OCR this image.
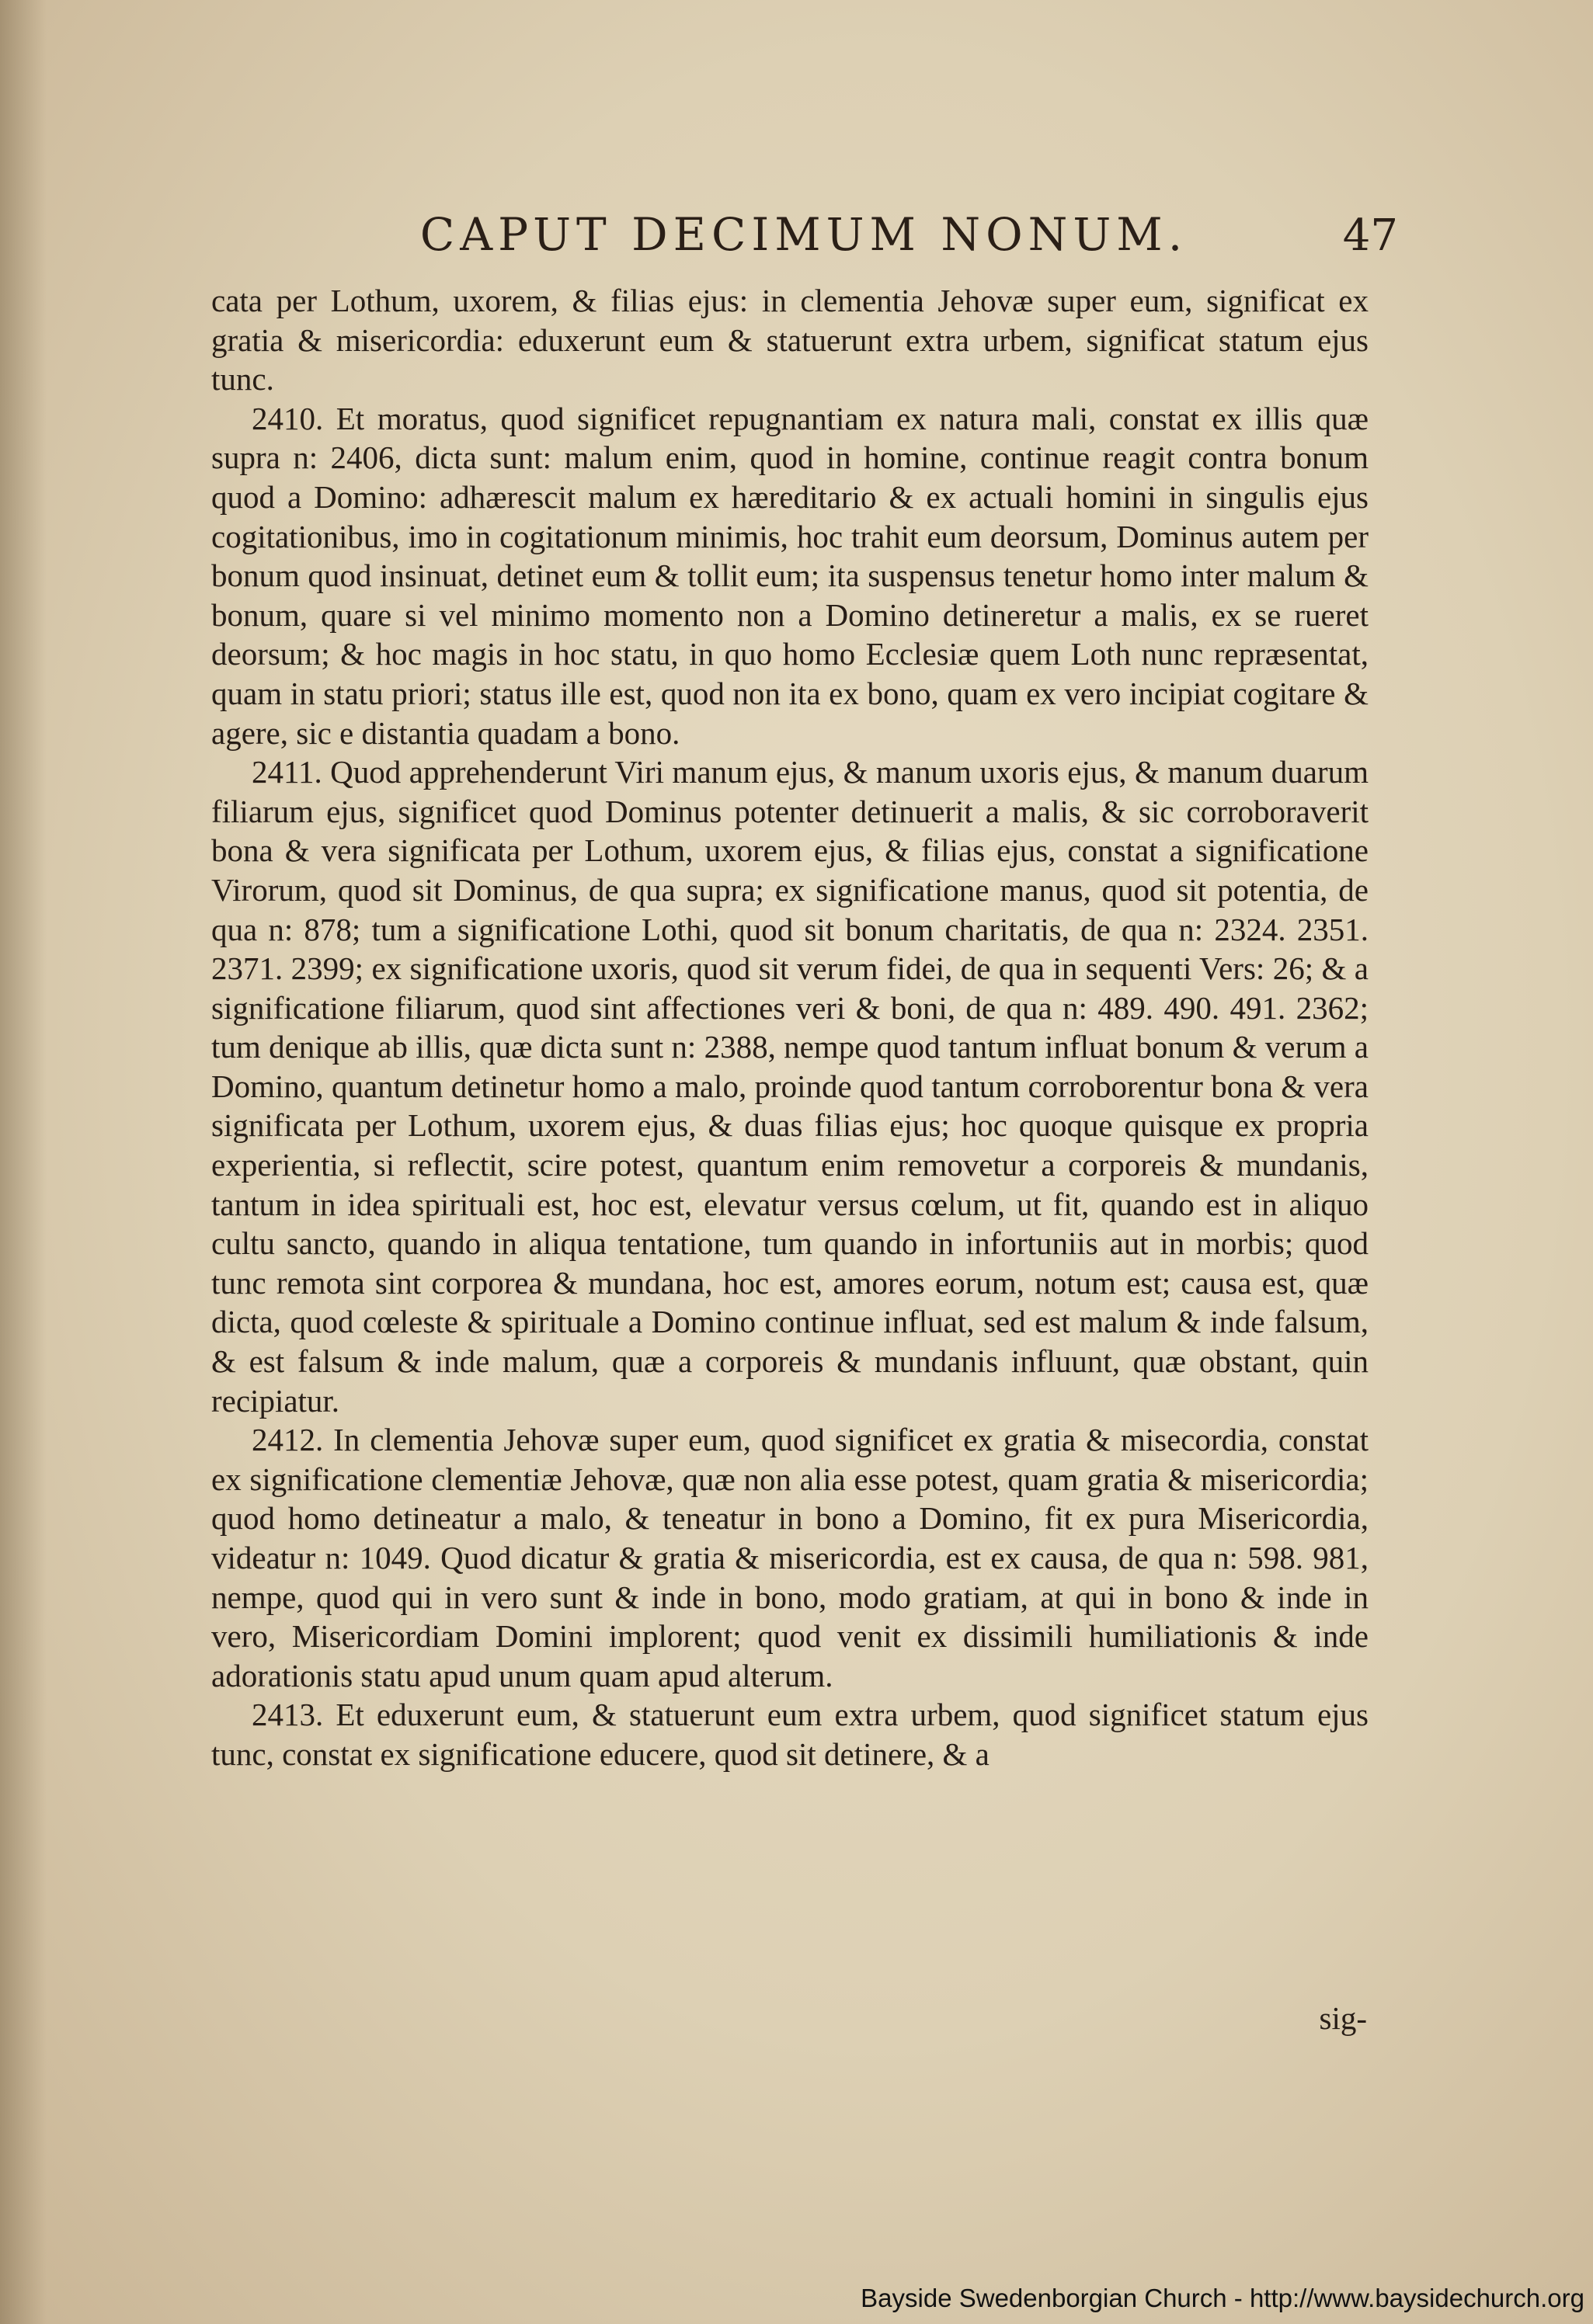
CAPUT DECIMUM NONUM.	47

cata per Lothum, uxorem, & filias ejus: in clementia Jehovæ super eum, significat ex gratia & misericordia: eduxerunt eum & statuerunt extra urbem, significat statum ejus tunc.

2410. Et moratus, quod significet repugnantiam ex natura mali, constat ex illis quæ supra n: 2406, dicta sunt: malum enim, quod in homine, continue reagit contra bonum quod a Domino: adhærescit malum ex hæreditario & ex actuali homini in singulis ejus cogitationibus, imo in cogitationum minimis, hoc trahit eum deorsum, Dominus autem per bonum quod insinuat, detinet eum & tollit eum; ita suspensus tenetur homo inter malum & bonum, quare si vel minimo momento non a Domino detineretur a malis, ex se rueret deorsum; & hoc magis in hoc statu, in quo homo Ecclesiæ quem Loth nunc repræsentat, quam in statu priori; status ille est, quod non ita ex bono, quam ex vero incipiat cogitare & agere, sic e distantia quadam a bono.

2411. Quod apprehenderunt Viri manum ejus, & manum uxoris ejus, & manum duarum filiarum ejus, significet quod Dominus potenter detinuerit a malis, & sic corroboraverit bona & vera significata per Lothum, uxorem ejus, & filias ejus, constat a significatione Virorum, quod sit Dominus, de qua supra; ex significatione manus, quod sit potentia, de qua n: 878; tum a significatione Lothi, quod sit bonum charitatis, de qua n: 2324. 2351. 2371. 2399; ex significatione uxoris, quod sit verum fidei, de qua in sequenti Vers: 26; & a significatione filiarum, quod sint affectiones veri & boni, de qua n: 489. 490. 491. 2362; tum denique ab illis, quæ dicta sunt n: 2388, nempe quod tantum influat bonum & verum a Domino, quantum detinetur homo a malo, proinde quod tantum corroborentur bona & vera significata per Lothum, uxorem ejus, & duas filias ejus; hoc quoque quisque ex propria experientia, si reflectit, scire potest, quantum enim removetur a corporeis & mundanis, tantum in idea spirituali est, hoc est, elevatur versus cœlum, ut fit, quando est in aliquo cultu sancto, quando in aliqua tentatione, tum quando in infortuniis aut in morbis; quod tunc remota sint corporea & mundana, hoc est, amores eorum, notum est; causa est, quæ dicta, quod cœleste & spirituale a Domino continue influat, sed est malum & inde falsum, & est falsum & inde malum, quæ a corporeis & mundanis influunt, quæ obstant, quin recipiatur.

2412. In clementia Jehovæ super eum, quod significet ex gratia & misecordia, constat ex significatione clementiæ Jehovæ, quæ non alia esse potest, quam gratia & misericordia; quod homo detineatur a malo, & teneatur in bono a Domino, fit ex pura Misericordia, videatur n: 1049. Quod dicatur & gratia & misericordia, est ex causa, de qua n: 598. 981, nempe, quod qui in vero sunt & inde in bono, modo gratiam, at qui in bono & inde in vero, Misericordiam Domini implorent; quod venit ex dissimili humiliationis & inde adorationis statu apud unum quam apud alterum.

2413. Et eduxerunt eum, & statuerunt eum extra urbem, quod significet statum ejus tunc, constat ex significatione educere, quod sit detinere, & a

sig-
Bayside Swedenborgian Church - http://www.baysidechurch.org
